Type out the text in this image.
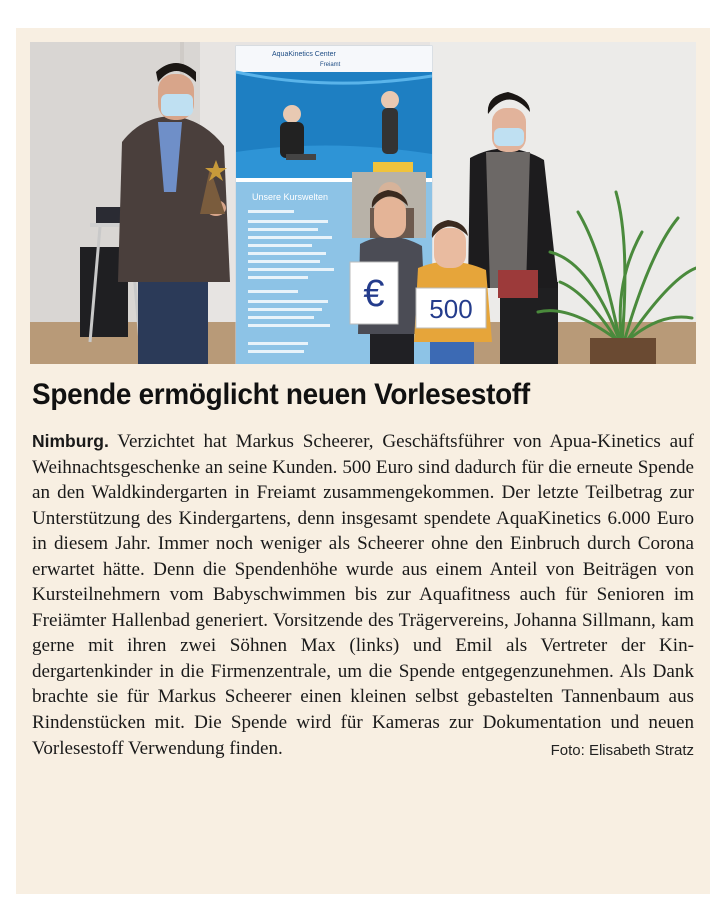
AquaKinetics Center
Freiamt
Unsere Kurswelten
€ 500
Spende ermöglicht neuen Vorlesestoff

Nimburg. Verzichtet hat Markus Scheerer, Geschäftsführer von Apua-Kinetics auf Weihnachtsgeschenke an seine Kunden. 500 Euro sind dadurch für die erneute Spende an den Waldkindergarten in Freiamt zusammengekommen. Der letzte Teilbetrag zur Unterstützung des Kindergartens, denn insgesamt spendete AquaKinetics 6.000 Euro in diesem Jahr. Immer noch weniger als Scheerer ohne den Einbruch durch Corona erwartet hätte. Denn die Spendenhöhe wurde aus einem Anteil von Beiträgen von Kursteilnehmern vom Babyschwimmen bis zur Aquafitness auch für Senioren im Freiämter Hallenbad generiert. Vorsitzende des Trägervereins, Johanna Sillmann, kam gerne mit ihren zwei Söhnen Max (links) und Emil als Vertreter der Kindergartenkinder in die Firmenzentrale, um die Spende entgegenzunehmen. Als Dank brachte sie für Markus Scheerer einen kleinen selbst gebastelten Tannenbaum aus Rindenstücken mit. Die Spende wird für Kameras zur Dokumentation und neuen Vorlesestoff Verwendung finden.	Foto: Elisabeth Stratz
